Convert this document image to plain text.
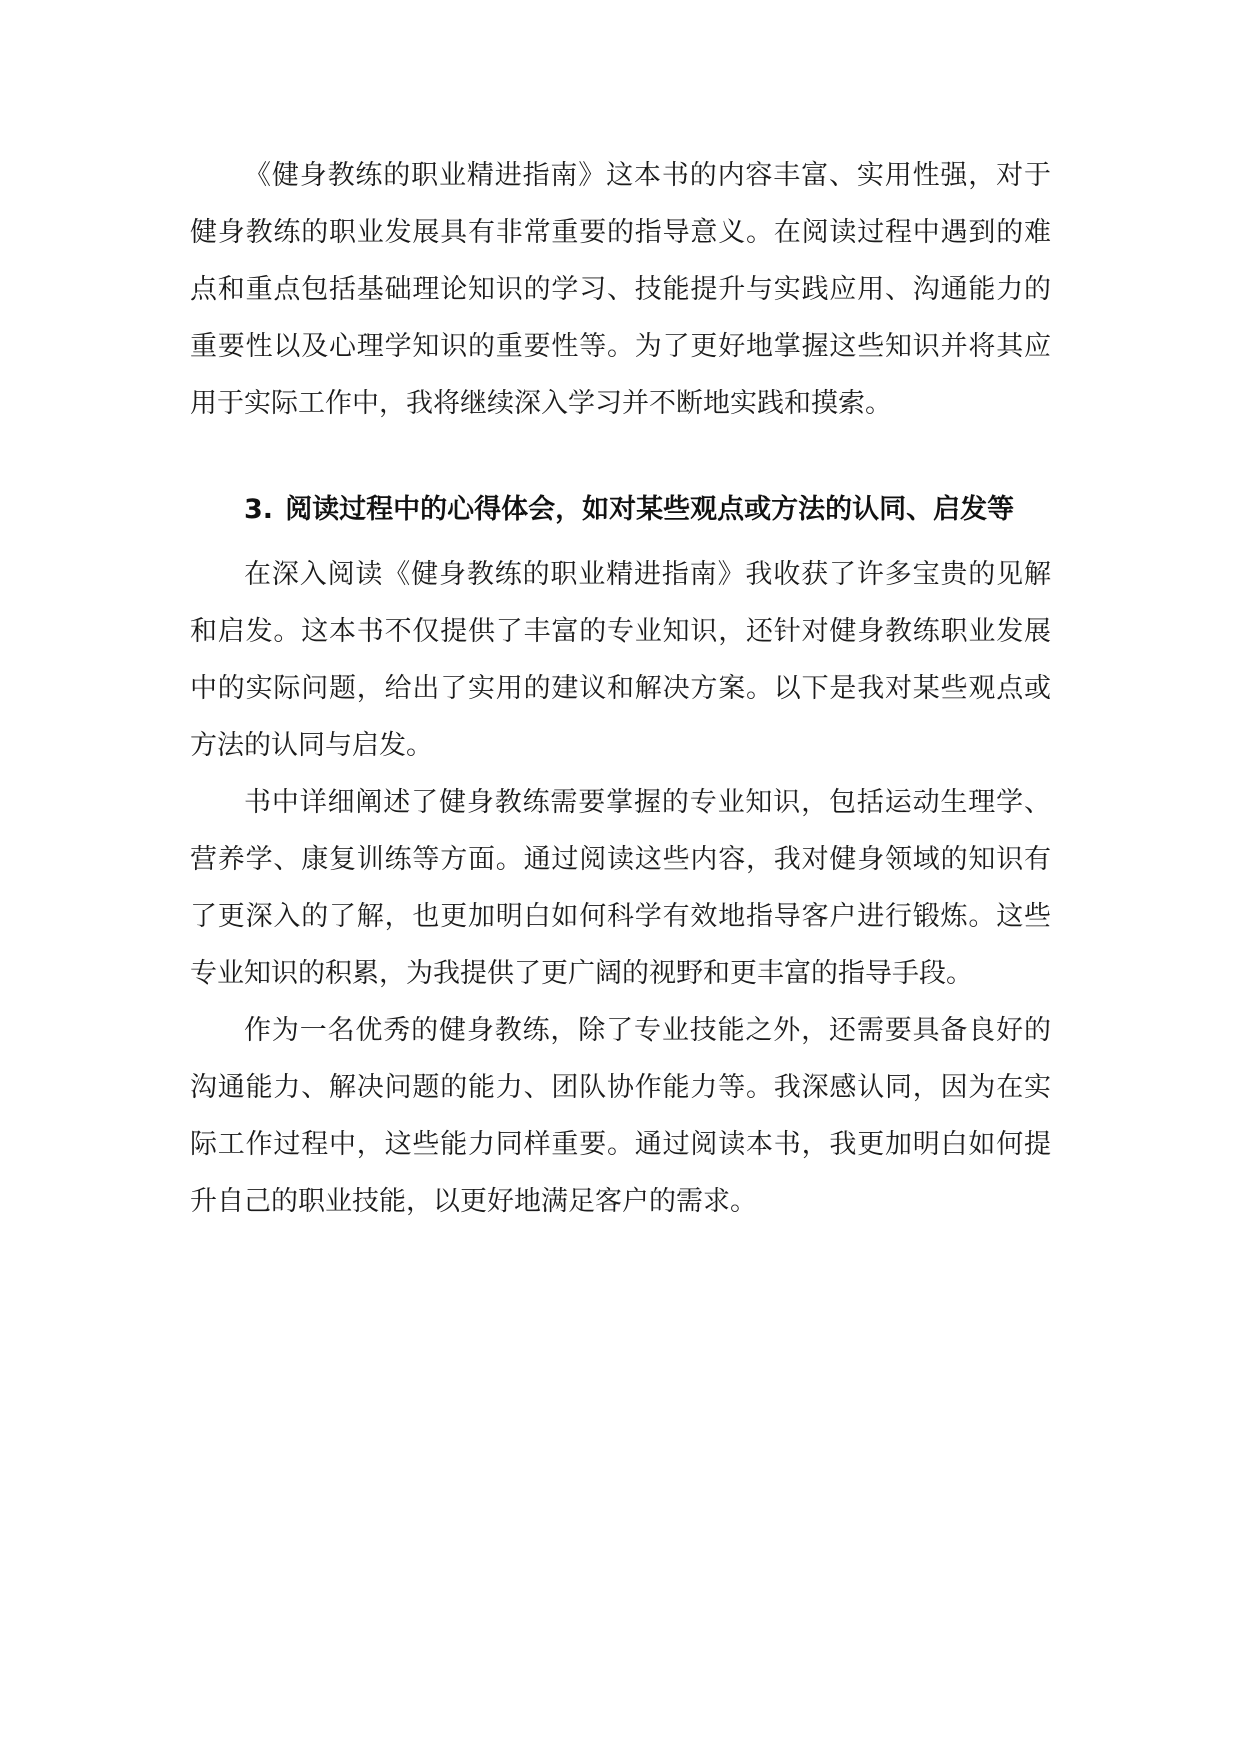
《健身教练的职业精进指南》这本书的内容丰富、实用性强，对于健身教练的职业发展具有非常重要的指导意义。在阅读过程中遇到的难点和重点包括基础理论知识的学习、技能提升与实践应用、沟通能力的重要性以及心理学知识的重要性等。为了更好地掌握这些知识并将其应用于实际工作中，我将继续深入学习并不断地实践和摸索。

3. 阅读过程中的心得体会，如对某些观点或方法的认同、启发等

在深入阅读《健身教练的职业精进指南》我收获了许多宝贵的见解和启发。这本书不仅提供了丰富的专业知识，还针对健身教练职业发展中的实际问题，给出了实用的建议和解决方案。以下是我对某些观点或方法的认同与启发。

书中详细阐述了健身教练需要掌握的专业知识，包括运动生理学、营养学、康复训练等方面。通过阅读这些内容，我对健身领域的知识有了更深入的了解，也更加明白如何科学有效地指导客户进行锻炼。这些专业知识的积累，为我提供了更广阔的视野和更丰富的指导手段。

作为一名优秀的健身教练，除了专业技能之外，还需要具备良好的沟通能力、解决问题的能力、团队协作能力等。我深感认同，因为在实际工作过程中，这些能力同样重要。通过阅读本书，我更加明白如何提升自己的职业技能，以更好地满足客户的需求。
